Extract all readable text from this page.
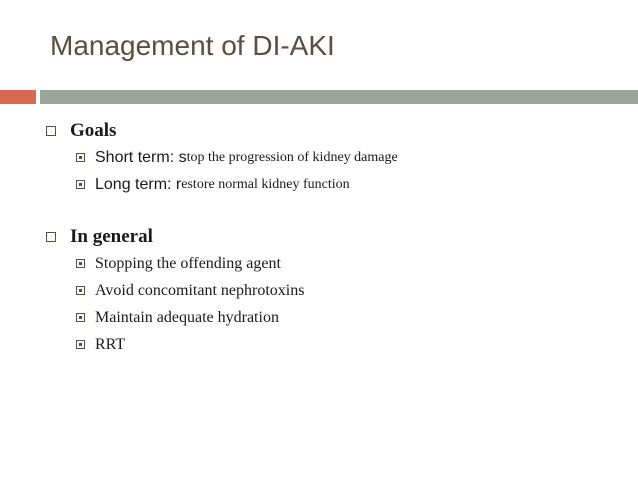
Management of DI-AKI
Goals
Short term: s top the progression of kidney damage
Long term: r estore normal kidney function
In general
Stopping the offending agent
Avoid concomitant nephrotoxins
Maintain adequate hydration
RRT
